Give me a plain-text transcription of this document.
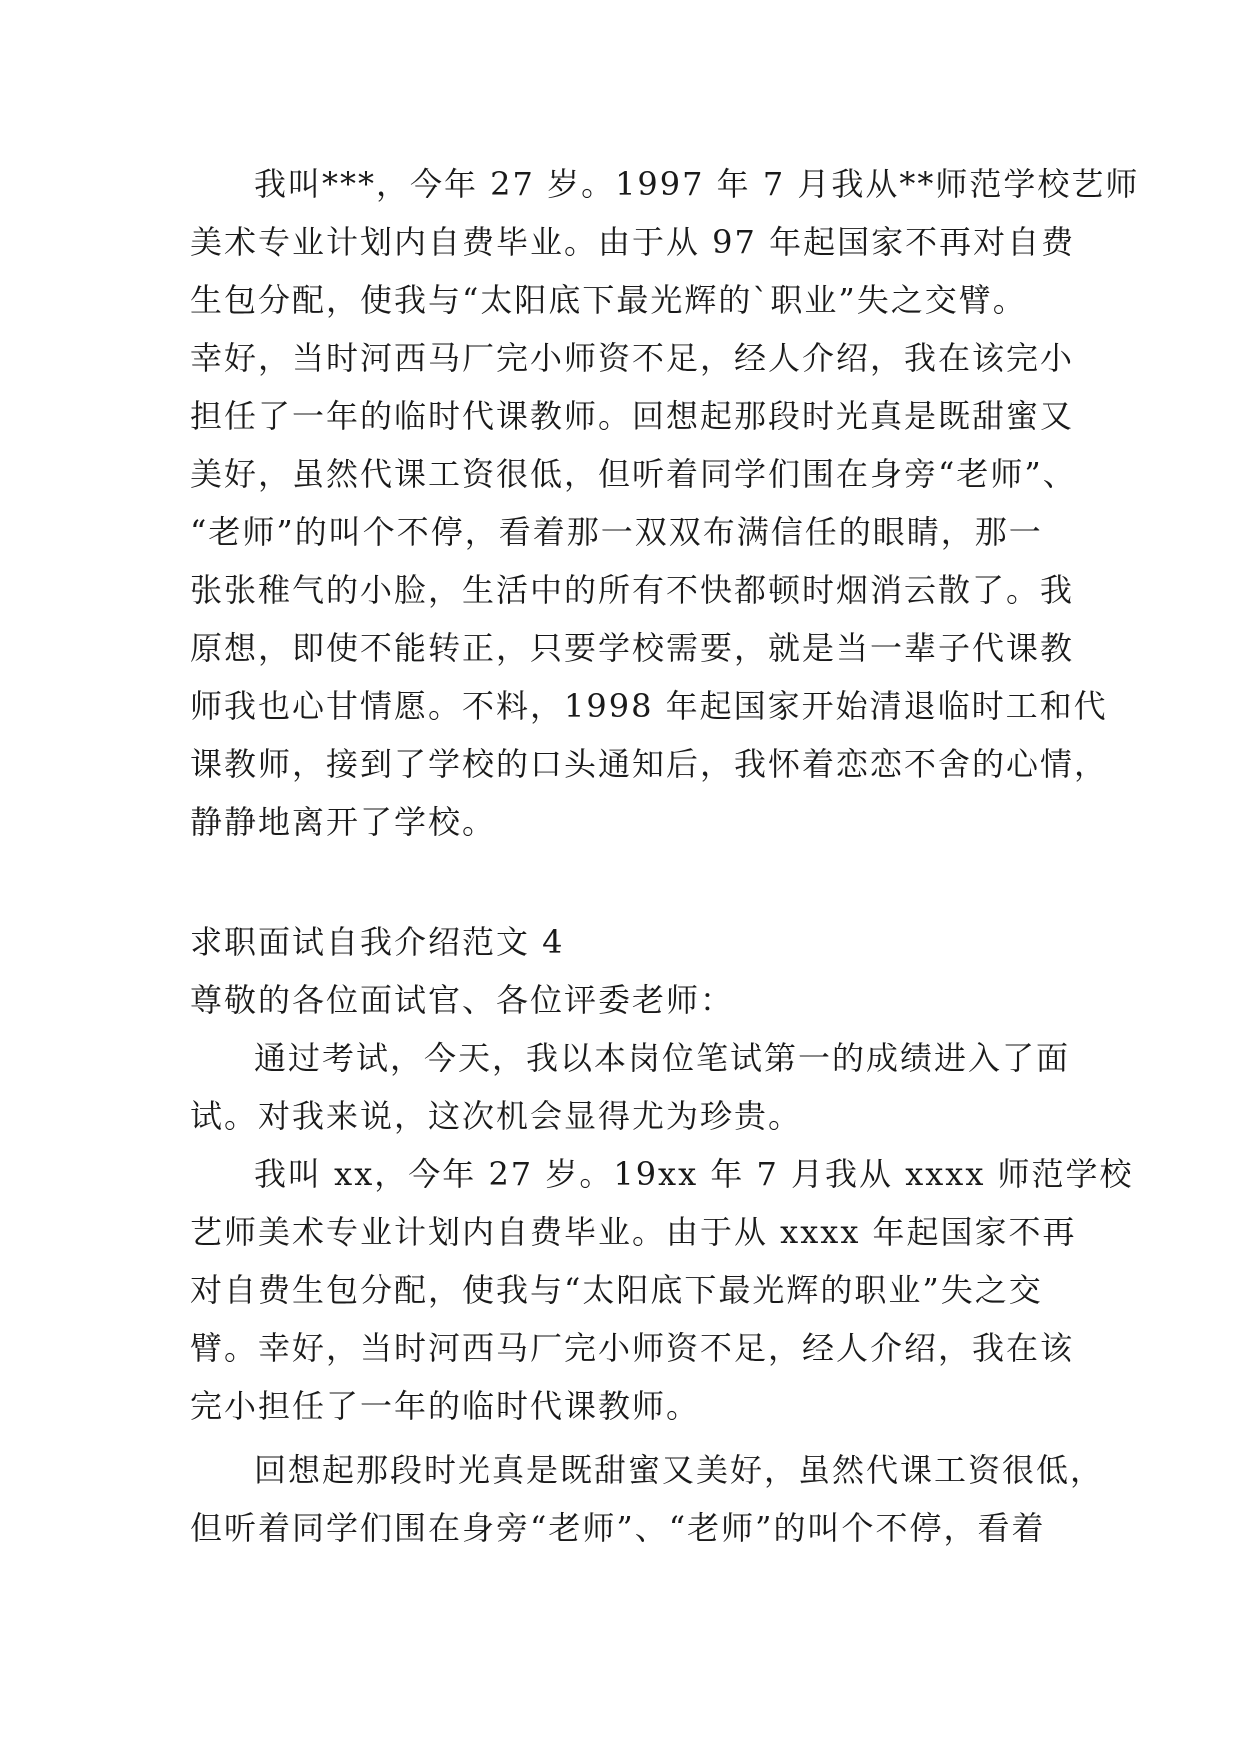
我叫***，今年 27 岁。1997 年 7 月我从**师范学校艺师

美术专业计划内自费毕业。由于从 97 年起国家不再对自费

生包分配，使我与“太阳底下最光辉的`职业”失之交臂。

幸好，当时河西马厂完小师资不足，经人介绍，我在该完小

担任了一年的临时代课教师。回想起那段时光真是既甜蜜又

美好，虽然代课工资很低，但听着同学们围在身旁“老师”、

“老师”的叫个不停，看着那一双双布满信任的眼睛，那一

张张稚气的小脸，生活中的所有不快都顿时烟消云散了。我

原想，即使不能转正，只要学校需要，就是当一辈子代课教

师我也心甘情愿。不料，1998 年起国家开始清退临时工和代

课教师，接到了学校的口头通知后，我怀着恋恋不舍的心情，

静静地离开了学校。

求职面试自我介绍范文 4

尊敬的各位面试官、各位评委老师：

通过考试，今天，我以本岗位笔试第一的成绩进入了面

试。对我来说，这次机会显得尤为珍贵。

我叫 xx，今年 27 岁。19xx 年 7 月我从 xxxx 师范学校

艺师美术专业计划内自费毕业。由于从 xxxx 年起国家不再

对自费生包分配，使我与“太阳底下最光辉的职业”失之交

臂。幸好，当时河西马厂完小师资不足，经人介绍，我在该

完小担任了一年的临时代课教师。

回想起那段时光真是既甜蜜又美好，虽然代课工资很低，

但听着同学们围在身旁“老师”、“老师”的叫个不停，看着
